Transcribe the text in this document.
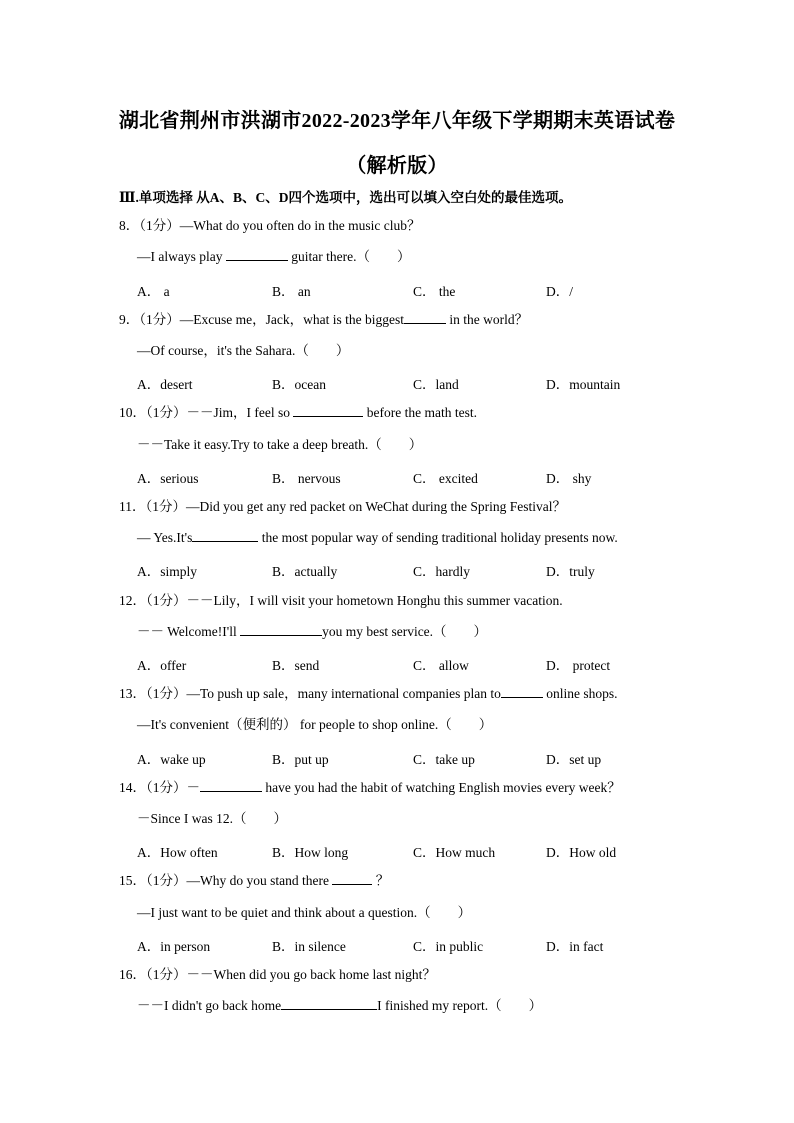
湖北省荆州市洪湖市2022-2023学年八年级下学期期末英语试卷
（解析版）
Ⅲ.单项选择 从A、B、C、D四个选项中，选出可以填入空白处的最佳选项。
8．（1分）—What do you often do in the music club？
—I always play	guitar there.（　　）
A． a	B． an	C． the	D．/
9．（1分）—Excuse me，Jack，what is the biggest	in the world？
—Of course，it's the Sahara.（　　）
A．desert	B．ocean	C．land	D．mountain
10．（1分）－－Jim，I feel so	before the math test.
－－Take it easy.Try to take a deep breath.（　　）
A．serious	B． nervous	C． excited	D． shy
11．（1分）—Did you get any red packet on WeChat during the Spring Festival？
— Yes.It's	the most popular way of sending traditional holiday presents now.
A．simply	B．actually	C．hardly	D．truly
12．（1分）－－Lily，I will visit your hometown Honghu this summer vacation.
－－ Welcome!I'll	you my best service.（　　）
A．offer	B．send	C． allow	D． protect
13．（1分）—To push up sale，many international companies plan to	online shops.
—It's convenient（便利的） for people to shop online.（　　）
A．wake up	B．put up	C．take up	D．set up
14．（1分）－	have you had the habit of watching English movies every week？
－Since I was 12.（　　）
A．How often	B．How long	C．How much	D．How old
15．（1分）—Why do you stand there	？
—I just want to be quiet and think about a question.（　　）
A．in person	B．in silence	C．in public	D．in fact
16．（1分）－－When did you go back home last night？
－－I didn't go back home	I finished my report.（　　）
